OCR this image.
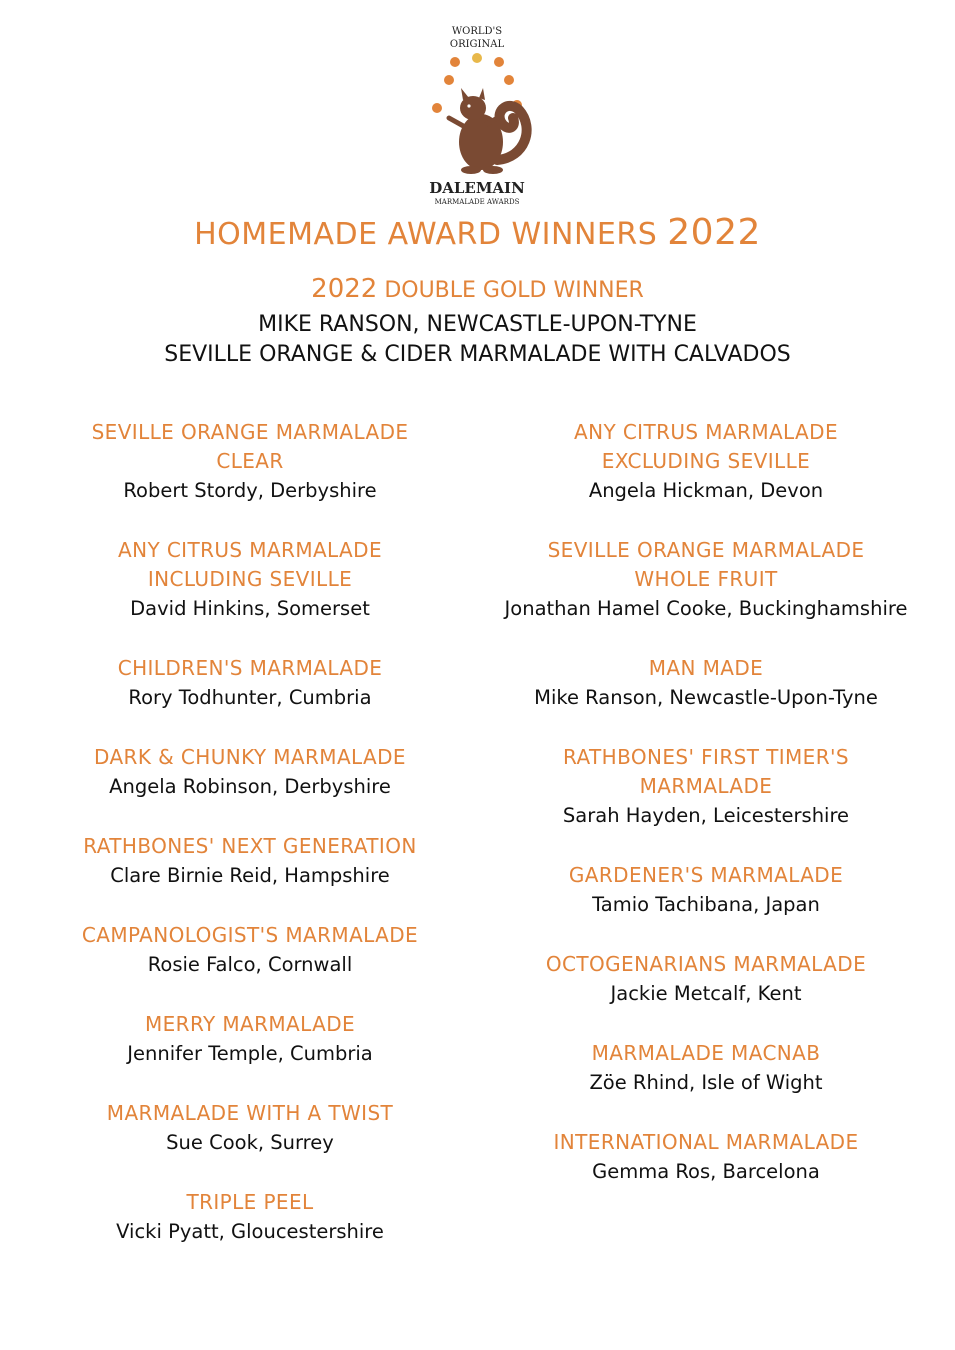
WORLD'S
ORIGINAL
DALEMAIN
MARMALADE AWARDS
HOMEMADE AWARD WINNERS 2022
2022 DOUBLE GOLD WINNER
MIKE RANSON, NEWCASTLE-UPON-TYNE
SEVILLE ORANGE & CIDER MARMALADE WITH CALVADOS
SEVILLE ORANGE MARMALADE
CLEAR
Robert Stordy, Derbyshire
ANY CITRUS MARMALADE
INCLUDING SEVILLE
David Hinkins, Somerset
CHILDREN'S MARMALADE
Rory Todhunter, Cumbria
DARK & CHUNKY MARMALADE
Angela Robinson, Derbyshire
RATHBONES' NEXT GENERATION
Clare Birnie Reid, Hampshire
CAMPANOLOGIST'S MARMALADE
Rosie Falco, Cornwall
MERRY MARMALADE
Jennifer Temple, Cumbria
MARMALADE WITH A TWIST
Sue Cook, Surrey
TRIPLE PEEL
Vicki Pyatt, Gloucestershire
ANY CITRUS MARMALADE
EXCLUDING SEVILLE
Angela Hickman, Devon
SEVILLE ORANGE MARMALADE
WHOLE FRUIT
Jonathan Hamel Cooke, Buckinghamshire
MAN MADE
Mike Ranson, Newcastle-Upon-Tyne
RATHBONES' FIRST TIMER'S
MARMALADE
Sarah Hayden, Leicestershire
GARDENER'S MARMALADE
Tamio Tachibana, Japan
OCTOGENARIANS MARMALADE
Jackie Metcalf, Kent
MARMALADE MACNAB
Zöe Rhind, Isle of Wight
INTERNATIONAL MARMALADE
Gemma Ros, Barcelona
